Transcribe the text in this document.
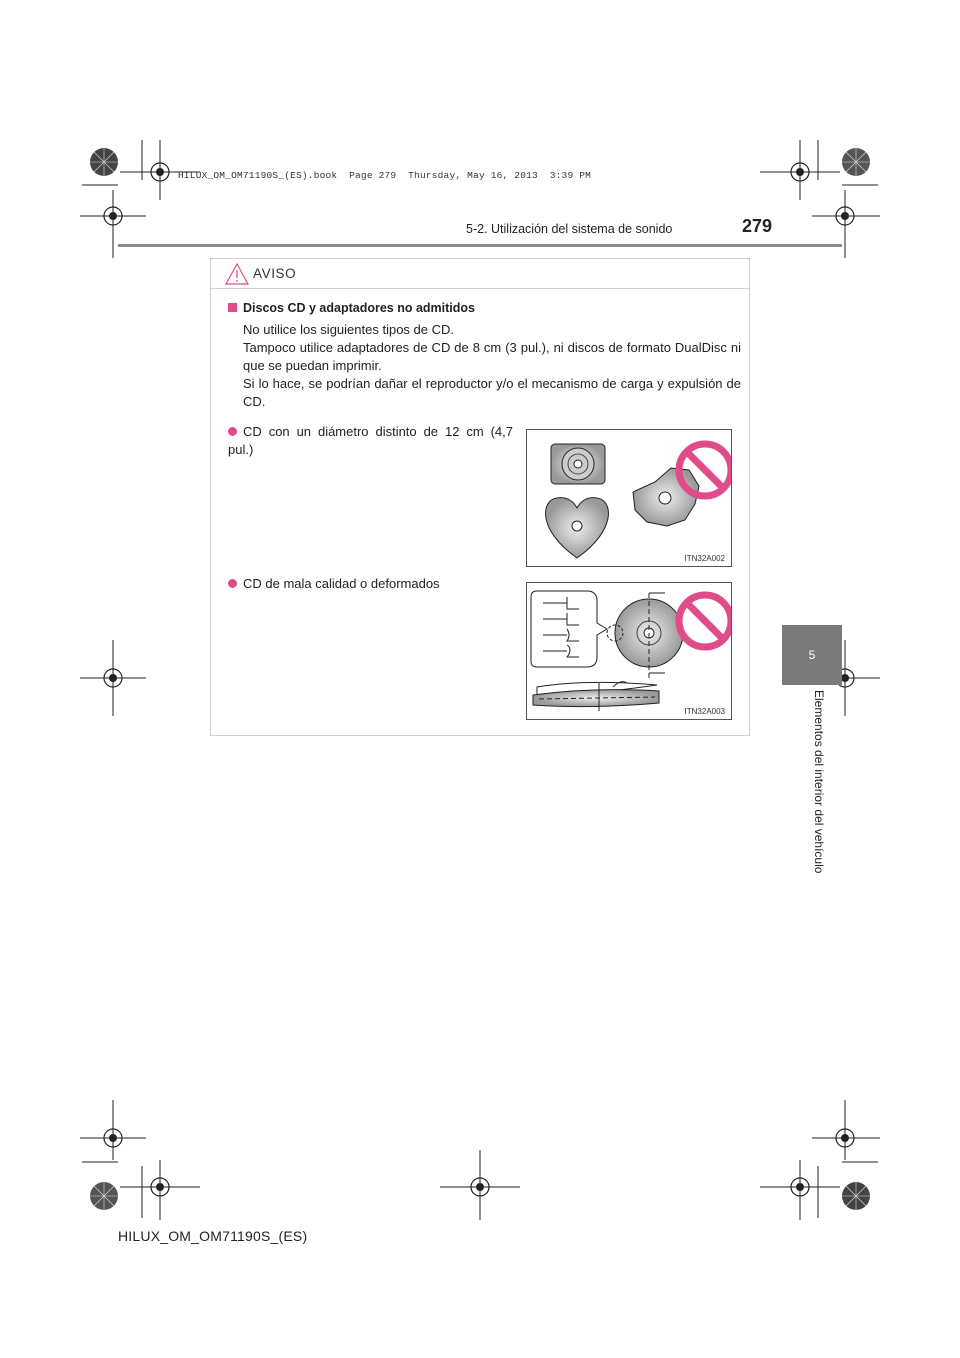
HILUX_OM_OM71190S_(ES).book  Page 279  Thursday, May 16, 2013  3:39 PM
5-2. Utilización del sistema de sonido	279
5
Elementos del interior del vehículo
AVISO
Discos CD y adaptadores no admitidos
No utilice los siguientes tipos de CD.
Tampoco utilice adaptadores de CD de 8 cm (3 pul.), ni discos de formato DualDisc ni que se puedan imprimir.
Si lo hace, se podrían dañar el reproductor y/o el mecanismo de carga y expulsión de CD.
CD con un diámetro distinto de 12 cm (4,7 pul.)
CD de mala calidad o deformados
ITN32A002
ITN32A003
HILUX_OM_OM71190S_(ES)
